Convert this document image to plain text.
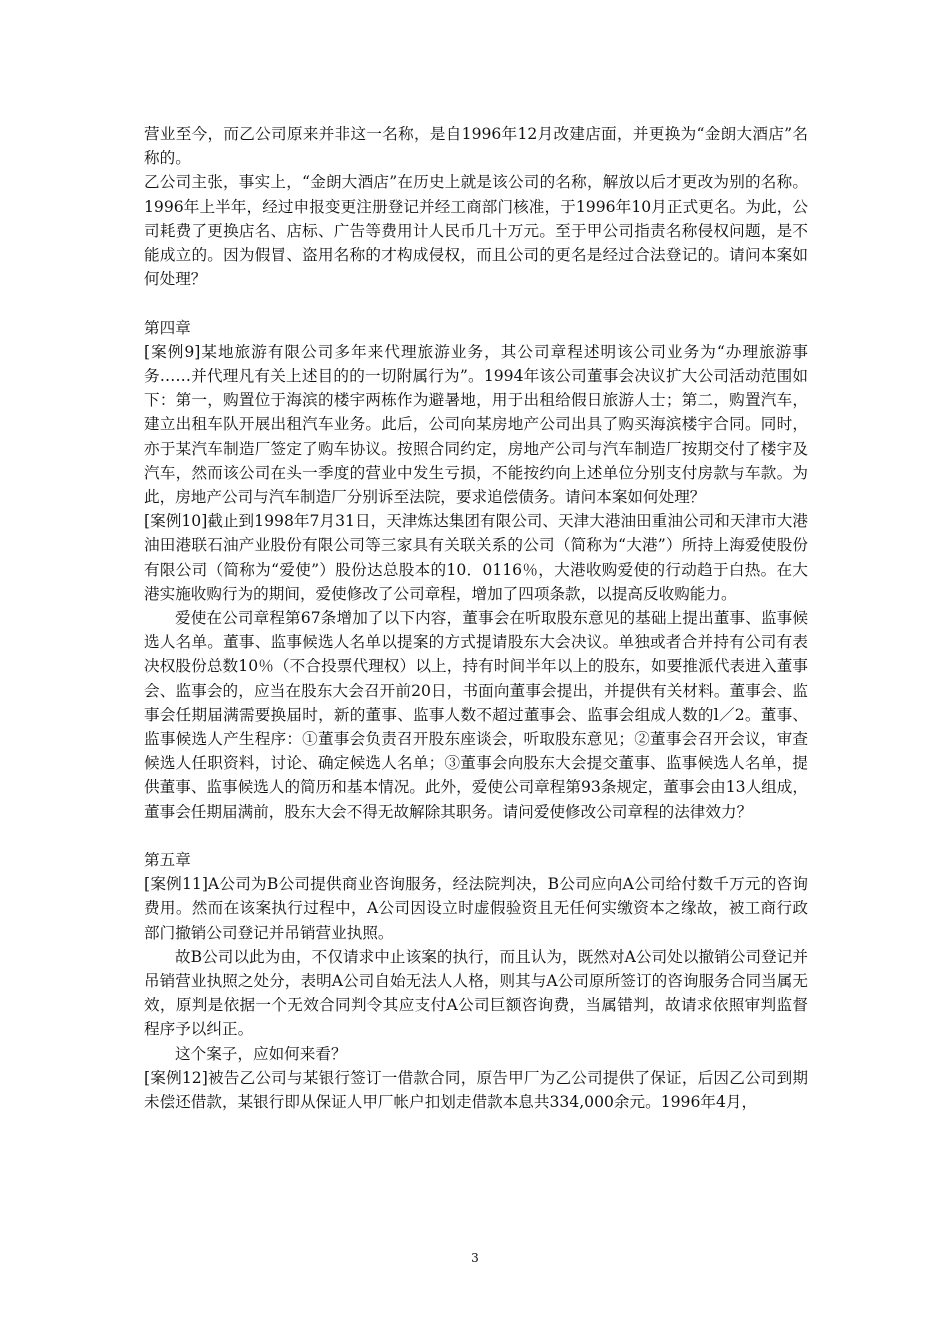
营业至今，而乙公司原来并非这一名称，是自1996年12月改建店面，并更换为“金朗大酒店”名称的。

乙公司主张，事实上，“金朗大酒店”在历史上就是该公司的名称，解放以后才更改为别的名称。1996年上半年，经过申报变更注册登记并经工商部门核准，于1996年10月正式更名。为此，公司耗费了更换店名、店标、广告等费用计人民币几十万元。至于甲公司指责名称侵权问题，是不能成立的。因为假冒、盗用名称的才构成侵权，而且公司的更名是经过合法登记的。请问本案如何处理？

第四章

[案例9]某地旅游有限公司多年来代理旅游业务，其公司章程述明该公司业务为“办理旅游事务……并代理凡有关上述目的的一切附属行为”。1994年该公司董事会决议扩大公司活动范围如下：第一，购置位于海滨的楼宇两栋作为避暑地，用于出租给假日旅游人士；第二，购置汽车，建立出租车队开展出租汽车业务。此后，公司向某房地产公司出具了购买海滨楼宇合同。同时，亦于某汽车制造厂签定了购车协议。按照合同约定，房地产公司与汽车制造厂按期交付了楼宇及汽车，然而该公司在头一季度的营业中发生亏损，不能按约向上述单位分别支付房款与车款。为此，房地产公司与汽车制造厂分别诉至法院，要求追偿债务。请问本案如何处理？

[案例10]截止到1998年7月31日，天津炼达集团有限公司、天津大港油田重油公司和天津市大港油田港联石油产业股份有限公司等三家具有关联关系的公司（简称为“大港”）所持上海爱使股份有限公司（简称为“爱使”）股份达总股本的10．0116％，大港收购爱使的行动趋于白热。在大港实施收购行为的期间，爱使修改了公司章程，增加了四项条款，以提高反收购能力。

爱使在公司章程第67条增加了以下内容，董事会在听取股东意见的基础上提出董事、监事候选人名单。董事、监事候选人名单以提案的方式提请股东大会决议。单独或者合并持有公司有表决权股份总数10％（不合投票代理权）以上，持有时间半年以上的股东，如要推派代表进入董事会、监事会的，应当在股东大会召开前20日，书面向董事会提出，并提供有关材料。董事会、监事会任期届满需要换届时，新的董事、监事人数不超过董事会、监事会组成人数的l／2。董事、监事候选人产生程序：①董事会负责召开股东座谈会，听取股东意见；②董事会召开会议，审查候选人任职资料，讨论、确定候选人名单；③董事会向股东大会提交董事、监事候选人名单，提供董事、监事候选人的简历和基本情况。此外，爱使公司章程第93条规定，董事会由13人组成，董事会任期届满前，股东大会不得无故解除其职务。请问爱使修改公司章程的法律效力？

第五章

[案例11]A公司为B公司提供商业咨询服务，经法院判决，B公司应向A公司给付数千万元的咨询费用。然而在该案执行过程中，A公司因设立时虚假验资且无任何实缴资本之缘故，被工商行政部门撤销公司登记并吊销营业执照。

故B公司以此为由，不仅请求中止该案的执行，而且认为，既然对A公司处以撤销公司登记并吊销营业执照之处分，表明A公司自始无法人人格，则其与A公司原所签订的咨询服务合同当属无效，原判是依据一个无效合同判令其应支付A公司巨额咨询费，当属错判，故请求依照审判监督程序予以纠正。

这个案子，应如何来看？

[案例12]被告乙公司与某银行签订一借款合同，原告甲厂为乙公司提供了保证，后因乙公司到期未偿还借款，某银行即从保证人甲厂帐户扣划走借款本息共334,000余元。1996年4月，

3
